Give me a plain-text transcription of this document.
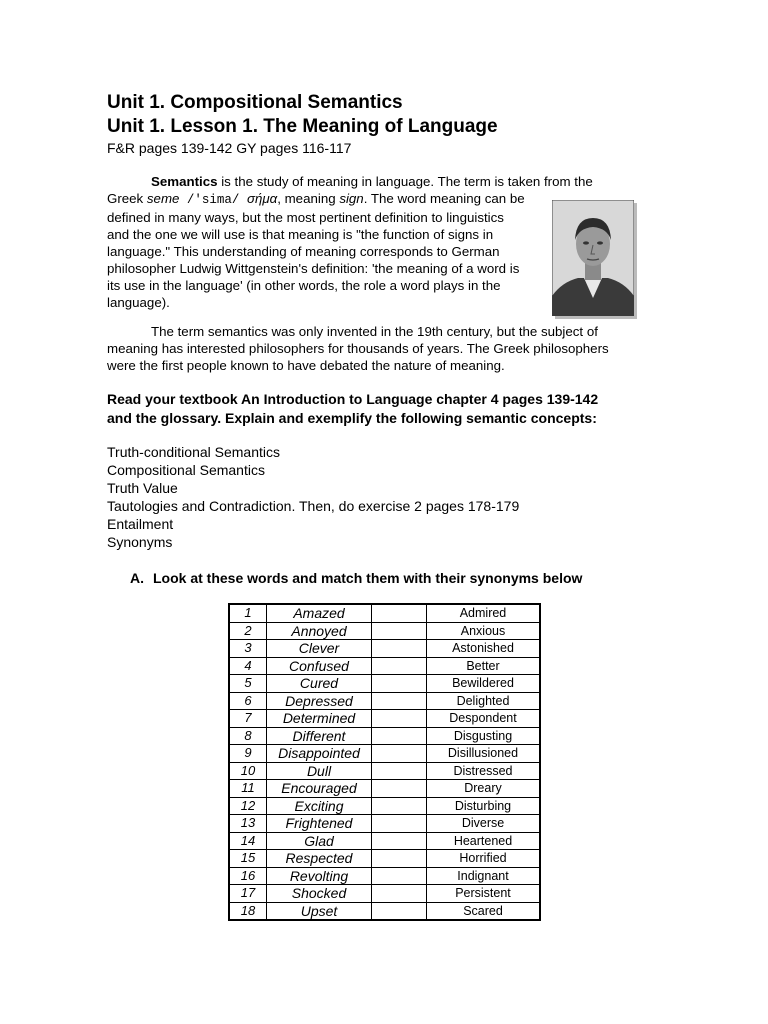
Unit 1. Compositional Semantics
Unit 1. Lesson 1. The Meaning of Language
F&R pages 139-142 GY pages 116-117
Semantics is the study of meaning in language. The term is taken from the
Greek seme /'sima/ σήμα, meaning sign. The word meaning can be
defined in many ways, but the most pertinent definition to linguistics
and the one we will use is that meaning is "the function of signs in
language." This understanding of meaning corresponds to German
philosopher Ludwig Wittgenstein's definition: 'the meaning of a word is
its use in the language' (in other words, the role a word plays in the
language).
The term semantics was only invented in the 19th century, but the subject of
meaning has interested philosophers for thousands of years. The Greek philosophers
were the first people known to have debated the nature of meaning.
Read your textbook An Introduction to Language chapter 4 pages 139-142
and the glossary. Explain and exemplify the following semantic concepts:
Truth-conditional Semantics
Compositional Semantics
Truth Value
Tautologies and Contradiction. Then, do exercise 2 pages 178-179
Entailment
Synonyms
A. Look at these words and match them with their synonyms below
1	Amazed		Admired
2	Annoyed		Anxious
3	Clever		Astonished
4	Confused		Better
5	Cured		Bewildered
6	Depressed		Delighted
7	Determined		Despondent
8	Different		Disgusting
9	Disappointed		Disillusioned
10	Dull		Distressed
11	Encouraged		Dreary
12	Exciting		Disturbing
13	Frightened		Diverse
14	Glad		Heartened
15	Respected		Horrified
16	Revolting		Indignant
17	Shocked		Persistent
18	Upset		Scared
